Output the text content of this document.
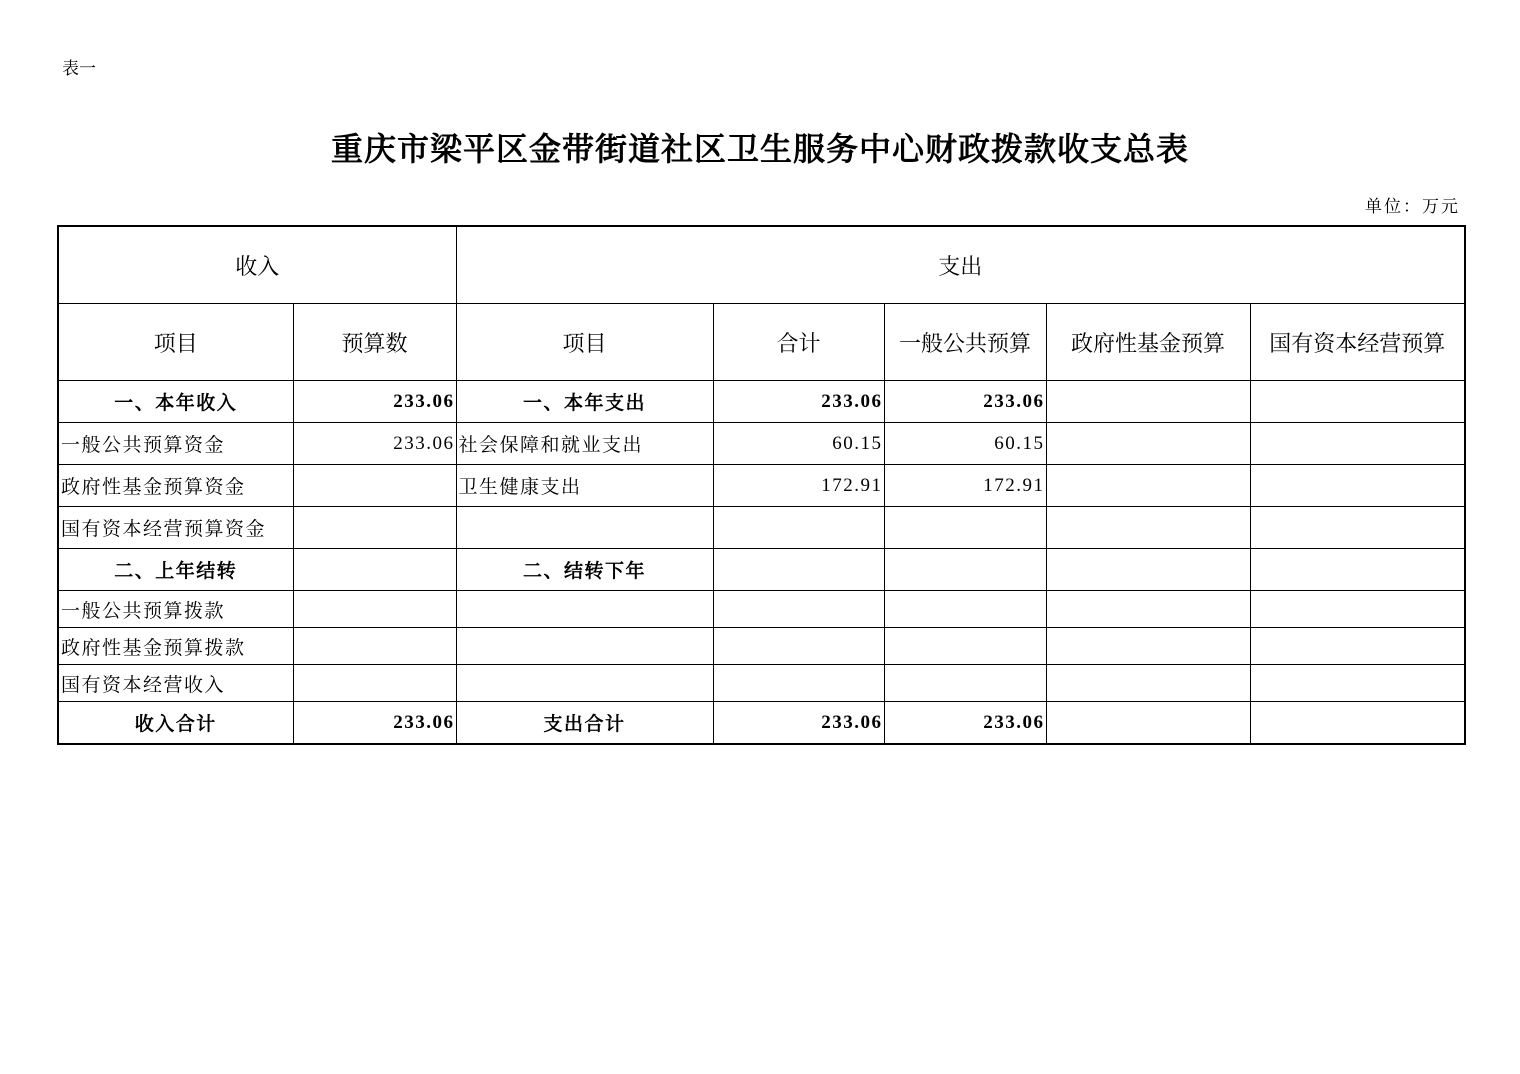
表一
重庆市梁平区金带街道社区卫生服务中心财政拨款收支总表
单位：万元
收入		支出				
项目	预算数	项目	合计	一般公共预算	政府性基金预算	国有资本经营预算
一、本年收入	233.06	一、本年支出	233.06	233.06		
一般公共预算资金	233.06	社会保障和就业支出	60.15	60.15		
政府性基金预算资金		卫生健康支出	172.91	172.91		
国有资本经营预算资金						
二、上年结转		二、结转下年				
一般公共预算拨款						
政府性基金预算拨款						
国有资本经营收入						
收入合计	233.06	支出合计	233.06	233.06		
